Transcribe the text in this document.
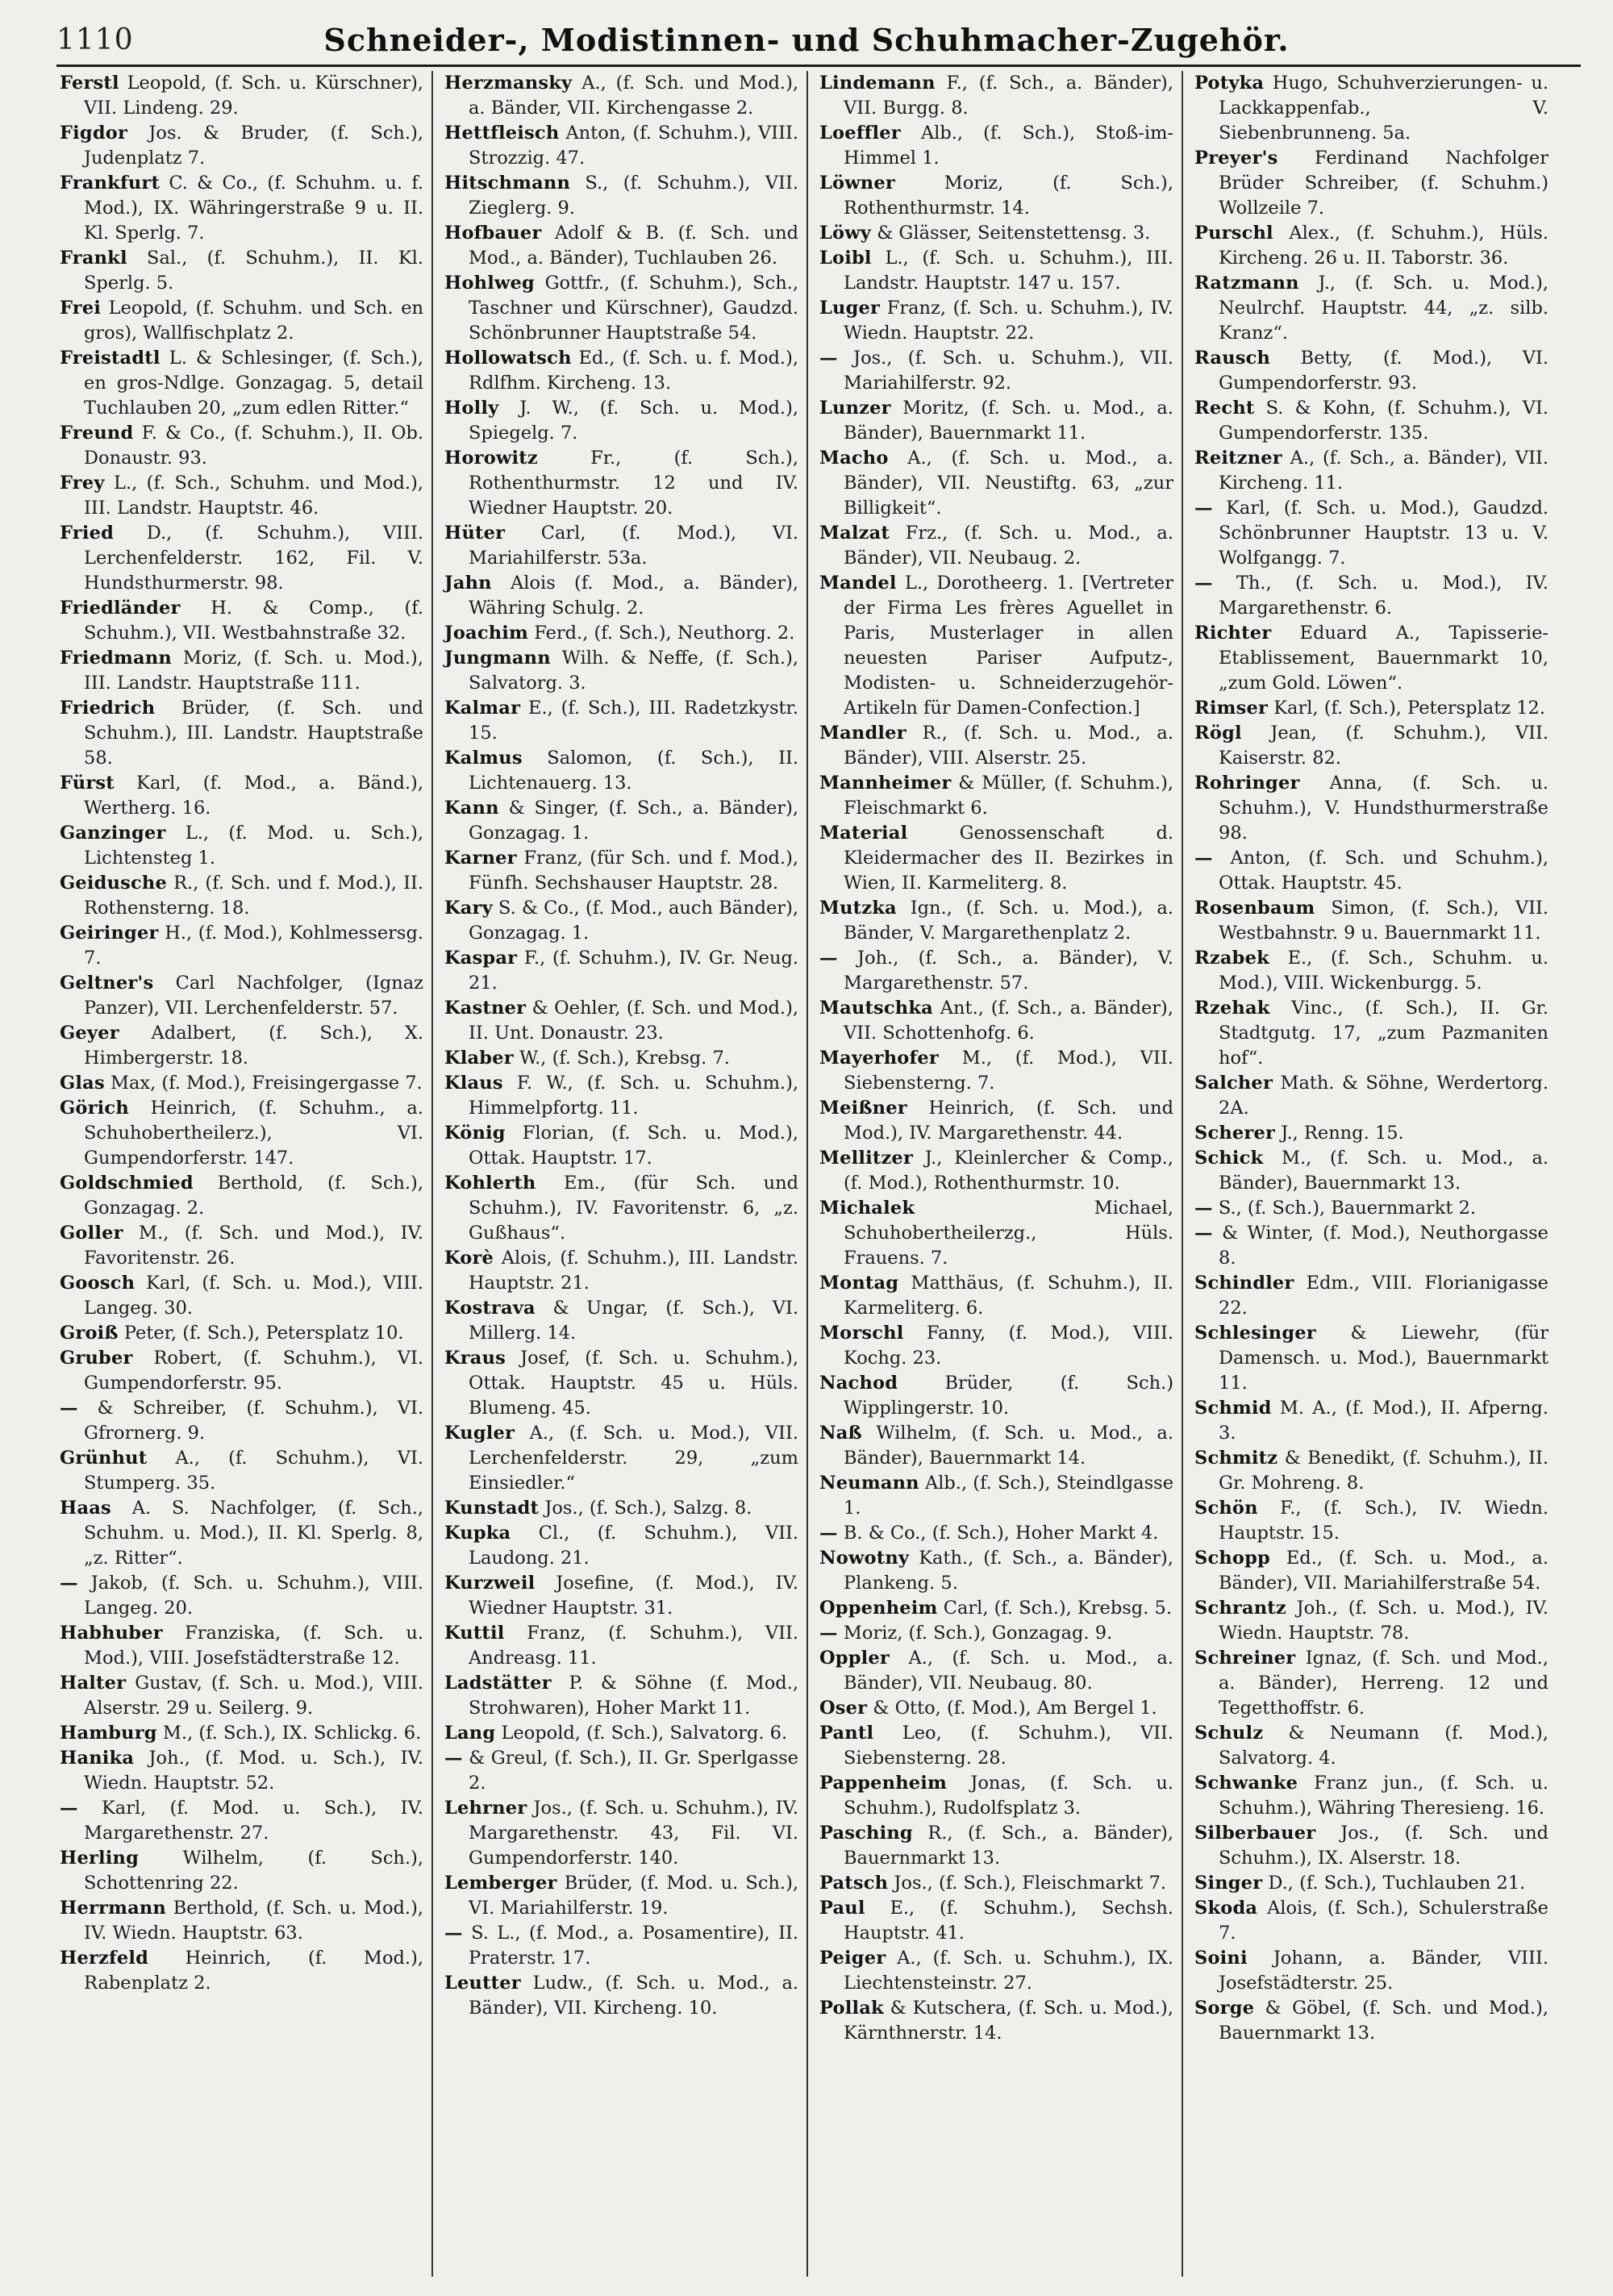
1110	Schneider-, Modistinnen- und Schuhmacher-Zugehör.

Ferstl Leopold, (f. Sch. u. Kürschner), VII. Lindeng. 29.

Figdor Jos. & Bruder, (f. Sch.), Judenplatz 7.

Frankfurt C. & Co., (f. Schuhm. u. f. Mod.), IX. Währingerstraße 9 u. II. Kl. Sperlg. 7.

Frankl Sal., (f. Schuhm.), II. Kl. Sperlg. 5.

Frei Leopold, (f. Schuhm. und Sch. en gros), Wallfischplatz 2.

Freistadtl L. & Schlesinger, (f. Sch.), en gros-Ndlge. Gonzagag. 5, detail Tuchlauben 20, „zum edlen Ritter.“

Freund F. & Co., (f. Schuhm.), II. Ob. Donaustr. 93.

Frey L., (f. Sch., Schuhm. und Mod.), III. Landstr. Hauptstr. 46.

Fried D., (f. Schuhm.), VIII. Lerchenfelderstr. 162, Fil. V. Hundsthurmerstr. 98.

Friedländer H. & Comp., (f. Schuhm.), VII. Westbahnstraße 32.

Friedmann Moriz, (f. Sch. u. Mod.), III. Landstr. Hauptstraße 111.

Friedrich Brüder, (f. Sch. und Schuhm.), III. Landstr. Hauptstraße 58.

Fürst Karl, (f. Mod., a. Bänd.), Wertherg. 16.

Ganzinger L., (f. Mod. u. Sch.), Lichtensteg 1.

Geidusche R., (f. Sch. und f. Mod.), II. Rothensterng. 18.

Geiringer H., (f. Mod.), Kohlmessersg. 7.

Geltner's Carl Nachfolger, (Ignaz Panzer), VII. Lerchenfelderstr. 57.

Geyer Adalbert, (f. Sch.), X. Himbergerstr. 18.

Glas Max, (f. Mod.), Freisingergasse 7.

Görich Heinrich, (f. Schuhm., a. Schuhobertheilerz.), VI. Gumpendorferstr. 147.

Goldschmied Berthold, (f. Sch.), Gonzagag. 2.

Goller M., (f. Sch. und Mod.), IV. Favoritenstr. 26.

Goosch Karl, (f. Sch. u. Mod.), VIII. Langeg. 30.

Groiß Peter, (f. Sch.), Petersplatz 10.

Gruber Robert, (f. Schuhm.), VI. Gumpendorferstr. 95.

— & Schreiber, (f. Schuhm.), VI. Gfrornerg. 9.

Grünhut A., (f. Schuhm.), VI. Stumperg. 35.

Haas A. S. Nachfolger, (f. Sch., Schuhm. u. Mod.), II. Kl. Sperlg. 8, „z. Ritter“.

— Jakob, (f. Sch. u. Schuhm.), VIII. Langeg. 20.

Habhuber Franziska, (f. Sch. u. Mod.), VIII. Josefstädterstraße 12.

Halter Gustav, (f. Sch. u. Mod.), VIII. Alserstr. 29 u. Seilerg. 9.

Hamburg M., (f. Sch.), IX. Schlickg. 6.

Hanika Joh., (f. Mod. u. Sch.), IV. Wiedn. Hauptstr. 52.

— Karl, (f. Mod. u. Sch.), IV. Margarethenstr. 27.

Herling Wilhelm, (f. Sch.), Schottenring 22.

Herrmann Berthold, (f. Sch. u. Mod.), IV. Wiedn. Hauptstr. 63.

Herzfeld Heinrich, (f. Mod.), Rabenplatz 2.

Herzmansky A., (f. Sch. und Mod.), a. Bänder, VII. Kirchengasse 2.

Hettfleisch Anton, (f. Schuhm.), VIII. Strozzig. 47.

Hitschmann S., (f. Schuhm.), VII. Zieglerg. 9.

Hofbauer Adolf & B. (f. Sch. und Mod., a. Bänder), Tuchlauben 26.

Hohlweg Gottfr., (f. Schuhm.), Sch., Taschner und Kürschner), Gaudzd. Schönbrunner Hauptstraße 54.

Hollowatsch Ed., (f. Sch. u. f. Mod.), Rdlfhm. Kircheng. 13.

Holly J. W., (f. Sch. u. Mod.), Spiegelg. 7.

Horowitz	Fr., (f. Sch.), Rothenthurmstr. 12 und IV. Wiedner Hauptstr. 20.

Hüter Carl, (f. Mod.), VI. Mariahilferstr. 53a.

Jahn Alois (f. Mod., a. Bänder), Währing Schulg. 2.

Joachim Ferd., (f. Sch.), Neuthorg. 2.

Jungmann Wilh. & Neffe, (f. Sch.), Salvatorg. 3.

Kalmar E., (f. Sch.), III. Radetzkystr. 15.

Kalmus Salomon, (f. Sch.), II. Lichtenauerg. 13.

Kann & Singer, (f. Sch., a. Bänder), Gonzagag. 1.

Karner Franz, (für Sch. und f. Mod.), Fünfh. Sechshauser Hauptstr. 28.

Kary S. & Co., (f. Mod., auch Bänder), Gonzagag. 1.

Kaspar F., (f. Schuhm.), IV. Gr. Neug. 21.

Kastner & Oehler, (f. Sch. und Mod.), II. Unt. Donaustr. 23.

Klaber W., (f. Sch.), Krebsg. 7.

Klaus F. W., (f. Sch. u. Schuhm.), Himmelpfortg. 11.

König Florian, (f. Sch. u. Mod.), Ottak. Hauptstr. 17.

Kohlerth Em., (für Sch. und Schuhm.), IV. Favoritenstr. 6, „z. Gußhaus“.

Korè Alois, (f. Schuhm.), III. Landstr. Hauptstr. 21.

Kostrava & Ungar, (f. Sch.), VI. Millerg. 14.

Kraus Josef, (f. Sch. u. Schuhm.), Ottak. Hauptstr. 45 u. Hüls. Blumeng. 45.

Kugler A., (f. Sch. u. Mod.), VII. Lerchenfelderstr. 29, „zum Einsiedler.“

Kunstadt Jos., (f. Sch.), Salzg. 8.

Kupka Cl., (f. Schuhm.), VII. Laudong. 21.

Kurzweil Josefine, (f. Mod.), IV. Wiedner Hauptstr. 31.

Kuttil Franz, (f. Schuhm.), VII. Andreasg. 11.

Ladstätter P. & Söhne (f. Mod., Strohwaren), Hoher Markt 11.

Lang Leopold, (f. Sch.), Salvatorg. 6.

— & Greul, (f. Sch.), II. Gr. Sperlgasse 2.

Lehrner Jos., (f. Sch. u. Schuhm.), IV. Margarethenstr. 43, Fil. VI. Gumpendorferstr. 140.

Lemberger Brüder, (f. Mod. u. Sch.), VI. Mariahilferstr. 19.

— S. L., (f. Mod., a. Posamentire), II. Praterstr. 17.

Leutter Ludw., (f. Sch. u. Mod., a. Bänder), VII. Kircheng. 10.

Lindemann F., (f. Sch., a. Bänder), VII. Burgg. 8.

Loeffler Alb., (f. Sch.), Stoß-im-Himmel 1.

Löwner	Moriz, (f. Sch.), Rothenthurmstr. 14.

Löwy & Glässer, Seitenstettensg. 3.

Loibl L., (f. Sch. u. Schuhm.), III. Landstr. Hauptstr. 147 u. 157.

Luger Franz, (f. Sch. u. Schuhm.), IV. Wiedn. Hauptstr. 22.

— Jos., (f. Sch. u. Schuhm.), VII. Mariahilferstr. 92.

Lunzer Moritz, (f. Sch. u. Mod., a. Bänder), Bauernmarkt 11.

Macho A., (f. Sch. u. Mod., a. Bänder), VII. Neustiftg. 63, „zur Billigkeit“.

Malzat Frz., (f. Sch. u. Mod., a. Bänder), VII. Neubaug. 2.

Mandel L., Dorotheerg. 1. [Vertreter der Firma Les frères Aguellet in Paris, Musterlager in allen neuesten Pariser Aufputz-, Modisten- u. Schneiderzugehör-Artikeln für Damen-Confection.]

Mandler R., (f. Sch. u. Mod., a. Bänder), VIII. Alserstr. 25.

Mannheimer & Müller, (f. Schuhm.), Fleischmarkt 6.

Material	Genossenschaft d. Kleidermacher des II. Bezirkes in Wien, II. Karmeliterg. 8.

Mutzka Ign., (f. Sch. u. Mod.), a. Bänder, V. Margarethenplatz 2.

— Joh., (f. Sch., a. Bänder), V. Margarethenstr. 57.

Mautschka Ant., (f. Sch., a. Bänder), VII. Schottenhofg. 6.

Mayerhofer M., (f. Mod.), VII. Siebensterng. 7.

Meißner Heinrich, (f. Sch. und Mod.), IV. Margarethenstr. 44.

Mellitzer J., Kleinlercher & Comp., (f. Mod.), Rothenthurmstr. 10.

Michalek	Michael, Schuhobertheilerzg., Hüls. Frauenѕ. 7.

Montag Matthäus, (f. Schuhm.), II. Karmeliterg. 6.

Morschl Fanny, (f. Mod.), VIII. Kochg. 23.

Nachod	Brüder, (f. Sch.) Wipplingerstr. 10.

Naß Wilhelm, (f. Sch. u. Mod., a. Bänder), Bauernmarkt 14.

Neumann Alb., (f. Sch.), Steindlgasse 1.

— B. & Co., (f. Sch.), Hoher Markt 4.

Nowotny Kath., (f. Sch., a. Bänder), Plankeng. 5.

Oppenheim Carl, (f. Sch.), Krebsg. 5.

— Moriz, (f. Sch.), Gonzagag. 9.

Oppler A., (f. Sch. u. Mod., a. Bänder), VII. Neubaug. 80.

Oser & Otto, (f. Mod.), Am Bergel 1.

Pantl Leo, (f. Schuhm.), VII. Siebensterng. 28.

Pappenheim Jonas, (f. Sch. u. Schuhm.), Rudolfsplatz 3.

Pasching R., (f. Sch., a. Bänder), Bauernmarkt 13.

Patsch Jos., (f. Sch.), Fleischmarkt 7.

Paul E., (f. Schuhm.), Sechsh. Hauptstr. 41.

Peiger A., (f. Sch. u. Schuhm.), IX. Liechtensteinstr. 27.

Pollak & Kutschera, (f. Sch. u. Mod.), Kärnthnerstr. 14.

Potyka Hugo, Schuhverzierungen- u. Lackkappenfab., V. Siebenbrunneng. 5a.

Preyer's Ferdinand Nachfolger Brüder Schreiber, (f. Schuhm.) Wollzeile 7.

Purschl Alex., (f. Schuhm.), Hüls. Kircheng. 26 u. II. Taborstr. 36.

Ratzmann J., (f. Sch. u. Mod.), Neulrchf. Hauptstr. 44, „z. silb. Kranz“.

Rausch Betty, (f. Mod.), VI. Gumpendorferstr. 93.

Recht S. & Kohn, (f. Schuhm.), VI. Gumpendorferstr. 135.

Reitzner A., (f. Sch., a. Bänder), VII. Kircheng. 11.

— Karl, (f. Sch. u. Mod.), Gaudzd. Schönbrunner Hauptstr. 13 u. V. Wolfgangg. 7.

— Th., (f. Sch. u. Mod.), IV. Margarethenstr. 6.

Richter Eduard A., Tapisserie-Etablissement, Bauernmarkt 10, „zum Gold. Löwen“.

Rimser Karl, (f. Sch.), Petersplatz 12.

Rögl Jean, (f. Schuhm.), VII. Kaiserstr. 82.

Rohringer Anna, (f. Sch. u. Schuhm.), V. Hundsthurmerstraße 98.

— Anton, (f. Sch. und Schuhm.), Ottak. Hauptstr. 45.

Rosenbaum Simon, (f. Sch.), VII. Westbahnstr. 9 u. Bauernmarkt 11.

Rzabek E., (f. Sch., Schuhm. u. Mod.), VIII. Wickenburgg. 5.

Rzehak Vinc., (f. Sch.), II. Gr. Stadtgutg. 17, „zum Pazmaniten hof“.

Salcher Math. & Söhne, Werdertorg. 2A.

Scherer J., Renng. 15.

Schick M., (f. Sch. u. Mod., a. Bänder), Bauernmarkt 13.

— S., (f. Sch.), Bauernmarkt 2.

— & Winter, (f. Mod.), Neuthorgasse 8.

Schindler Edm., VIII. Florianigasse 22.

Schlesinger & Liewehr, (für Damensch. u. Mod.), Bauernmarkt 11.

Schmid M. A., (f. Mod.), II. Afperng. 3.

Schmitz & Benedikt, (f. Schuhm.), II. Gr. Mohreng. 8.

Schön F., (f. Sch.), IV. Wiedn. Hauptstr. 15.

Schopp Ed., (f. Sch. u. Mod., a. Bänder), VII. Mariahilferstraße 54.

Schrantz Joh., (f. Sch. u. Mod.), IV. Wiedn. Hauptstr. 78.

Schreiner Ignaz, (f. Sch. und Mod., a. Bänder), Herreng. 12 und Tegetthoffstr. 6.

Schulz & Neumann (f. Mod.), Salvatorg. 4.

Schwanke Franz jun., (f. Sch. u. Schuhm.), Währing Theresieng. 16.

Silberbauer Jos., (f. Sch. und Schuhm.), IX. Alserstr. 18.

Singer D., (f. Sch.), Tuchlauben 21.

Skoda Alois, (f. Sch.), Schulerstraße 7.

Soini Johann, a. Bänder, VIII. Josefstädterstr. 25.

Sorge & Göbel, (f. Sch. und Mod.), Bauernmarkt 13.
